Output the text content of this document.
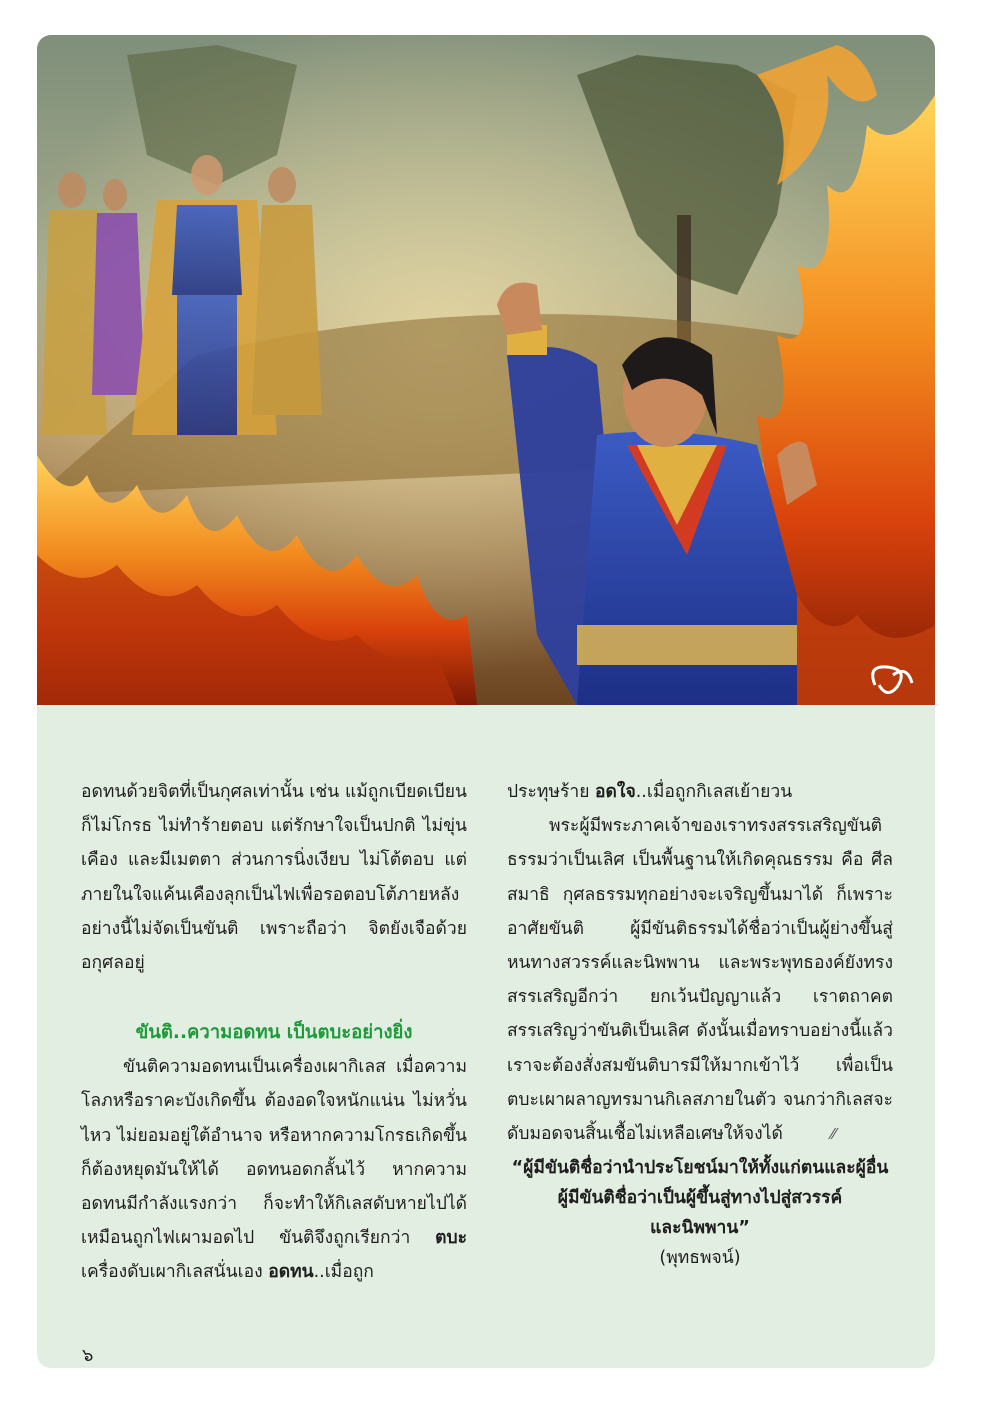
อดทนด้วยจิตที่เป็นกุศลเท่านั้น เช่น แม้ถูกเบียดเบียน ก็ไม่โกรธ ไม่ทำร้ายตอบ แต่รักษาใจเป็นปกติ ไม่ขุ่นเคือง และมีเมตตา ส่วนการนิ่งเงียบ ไม่โต้ตอบ แต่ภายในใจแค้นเคืองลุกเป็นไฟเพื่อรอตอบโต้ภายหลัง อย่างนี้ไม่จัดเป็นขันติ เพราะถือว่า จิตยังเจือด้วยอกุศลอยู่

ขันติ..ความอดทน เป็นตบะอย่างยิ่ง

ขันติความอดทนเป็นเครื่องเผากิเลส เมื่อความโลภหรือราคะบังเกิดขึ้น ต้องอดใจหนักแน่น ไม่หวั่นไหว ไม่ยอมอยู่ใต้อำนาจ หรือหากความโกรธเกิดขึ้น ก็ต้องหยุดมันให้ได้ อดทนอดกลั้นไว้ หากความอดทนมีกำลังแรงกว่า ก็จะทำให้กิเลสดับหายไปได้ เหมือนถูกไฟเผามอดไป ขันติจึงถูกเรียกว่า ตบะ เครื่องดับเผากิเลสนั่นเอง อดทน..เมื่อถูก

ประทุษร้าย อดใจ..เมื่อถูกกิเลสเย้ายวน

พระผู้มีพระภาคเจ้าของเราทรงสรรเสริญขันติธรรมว่าเป็นเลิศ เป็นพื้นฐานให้เกิดคุณธรรม คือ ศีล สมาธิ กุศลธรรมทุกอย่างจะเจริญขึ้นมาได้ ก็เพราะอาศัยขันติ ผู้มีขันติธรรมได้ชื่อว่าเป็นผู้ย่างขึ้นสู่หนทางสวรรค์และนิพพาน และพระพุทธองค์ยังทรงสรรเสริญอีกว่า ยกเว้นปัญญาแล้ว เราตถาคตสรรเสริญว่าขันติเป็นเลิศ ดังนั้นเมื่อทราบอย่างนี้แล้ว เราจะต้องสั่งสมขันติบารมีให้มากเข้าไว้ เพื่อเป็นตบะเผาผลาญทรมานกิเลสภายในตัว จนกว่ากิเลสจะดับมอดจนสิ้นเชื้อไม่เหลือเศษให้จงได้	⁄⁄

“ผู้มีขันติชื่อว่านำประโยชน์มาให้ทั้งแก่ตนและผู้อื่น
ผู้มีขันติชื่อว่าเป็นผู้ขึ้นสู่ทางไปสู่สวรรค์
และนิพพาน”

(พุทธพจน์)

๖
